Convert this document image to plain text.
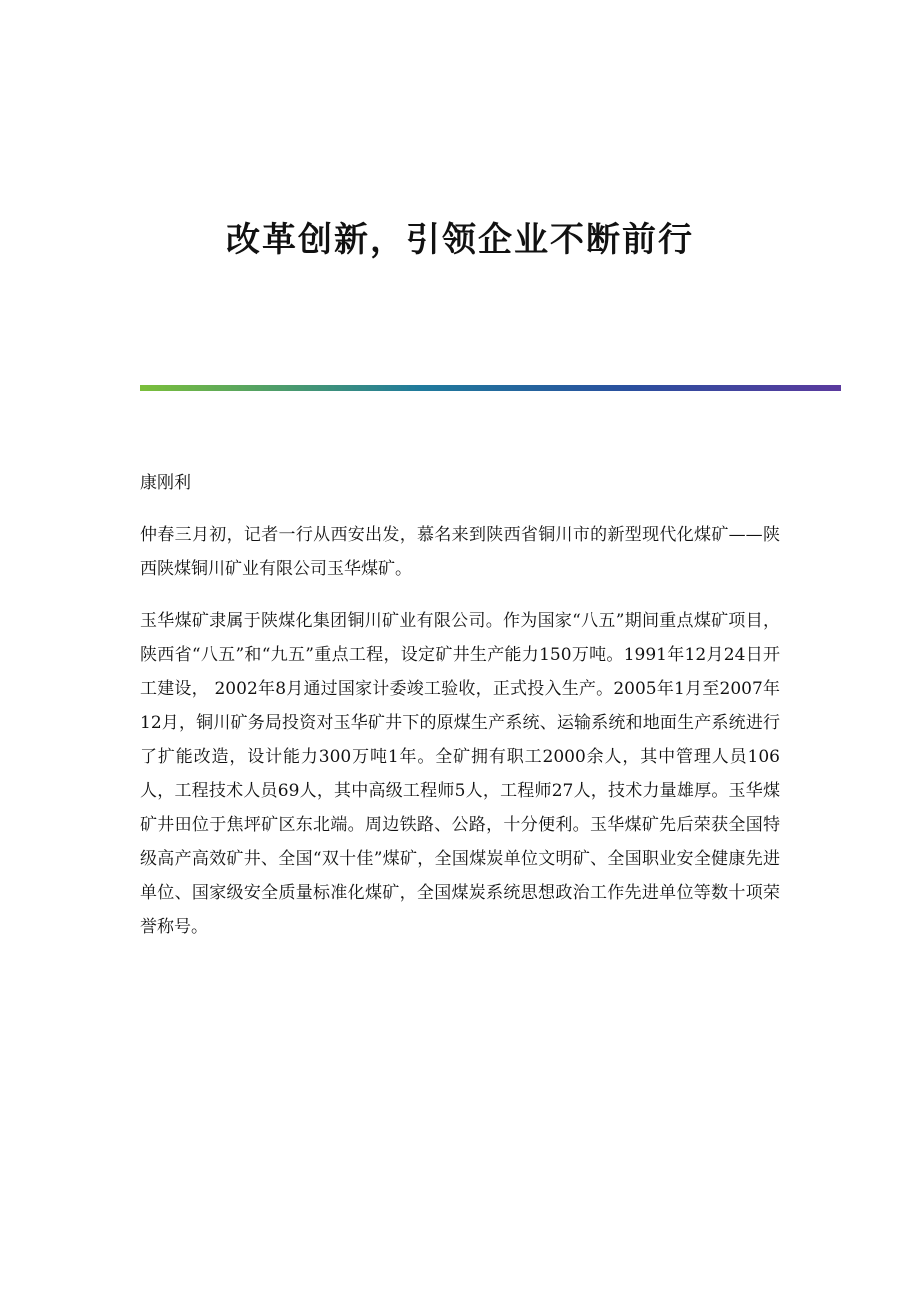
改革创新，引领企业不断前行

康刚利

仲春三月初，记者一行从西安出发，慕名来到陕西省铜川市的新型现代化煤矿——陕西陕煤铜川矿业有限公司玉华煤矿。

玉华煤矿隶属于陕煤化集团铜川矿业有限公司。作为国家“八五”期间重点煤矿项目，陕西省“八五”和“九五”重点工程，设定矿井生产能力150万吨。1991年12月24日开工建设， 2002年8月通过国家计委竣工验收，正式投入生产。2005年1月至2007年12月，铜川矿务局投资对玉华矿井下的原煤生产系统、运输系统和地面生产系统进行了扩能改造，设计能力300万吨1年。全矿拥有职工2000余人，其中管理人员106人，工程技术人员69人，其中高级工程师5人，工程师27人，技术力量雄厚。玉华煤矿井田位于焦坪矿区东北端。周边铁路、公路，十分便利。玉华煤矿先后荣获全国特级高产高效矿井、全国“双十佳”煤矿，全国煤炭单位文明矿、全国职业安全健康先进单位、国家级安全质量标准化煤矿，全国煤炭系统思想政治工作先进单位等数十项荣誉称号。
